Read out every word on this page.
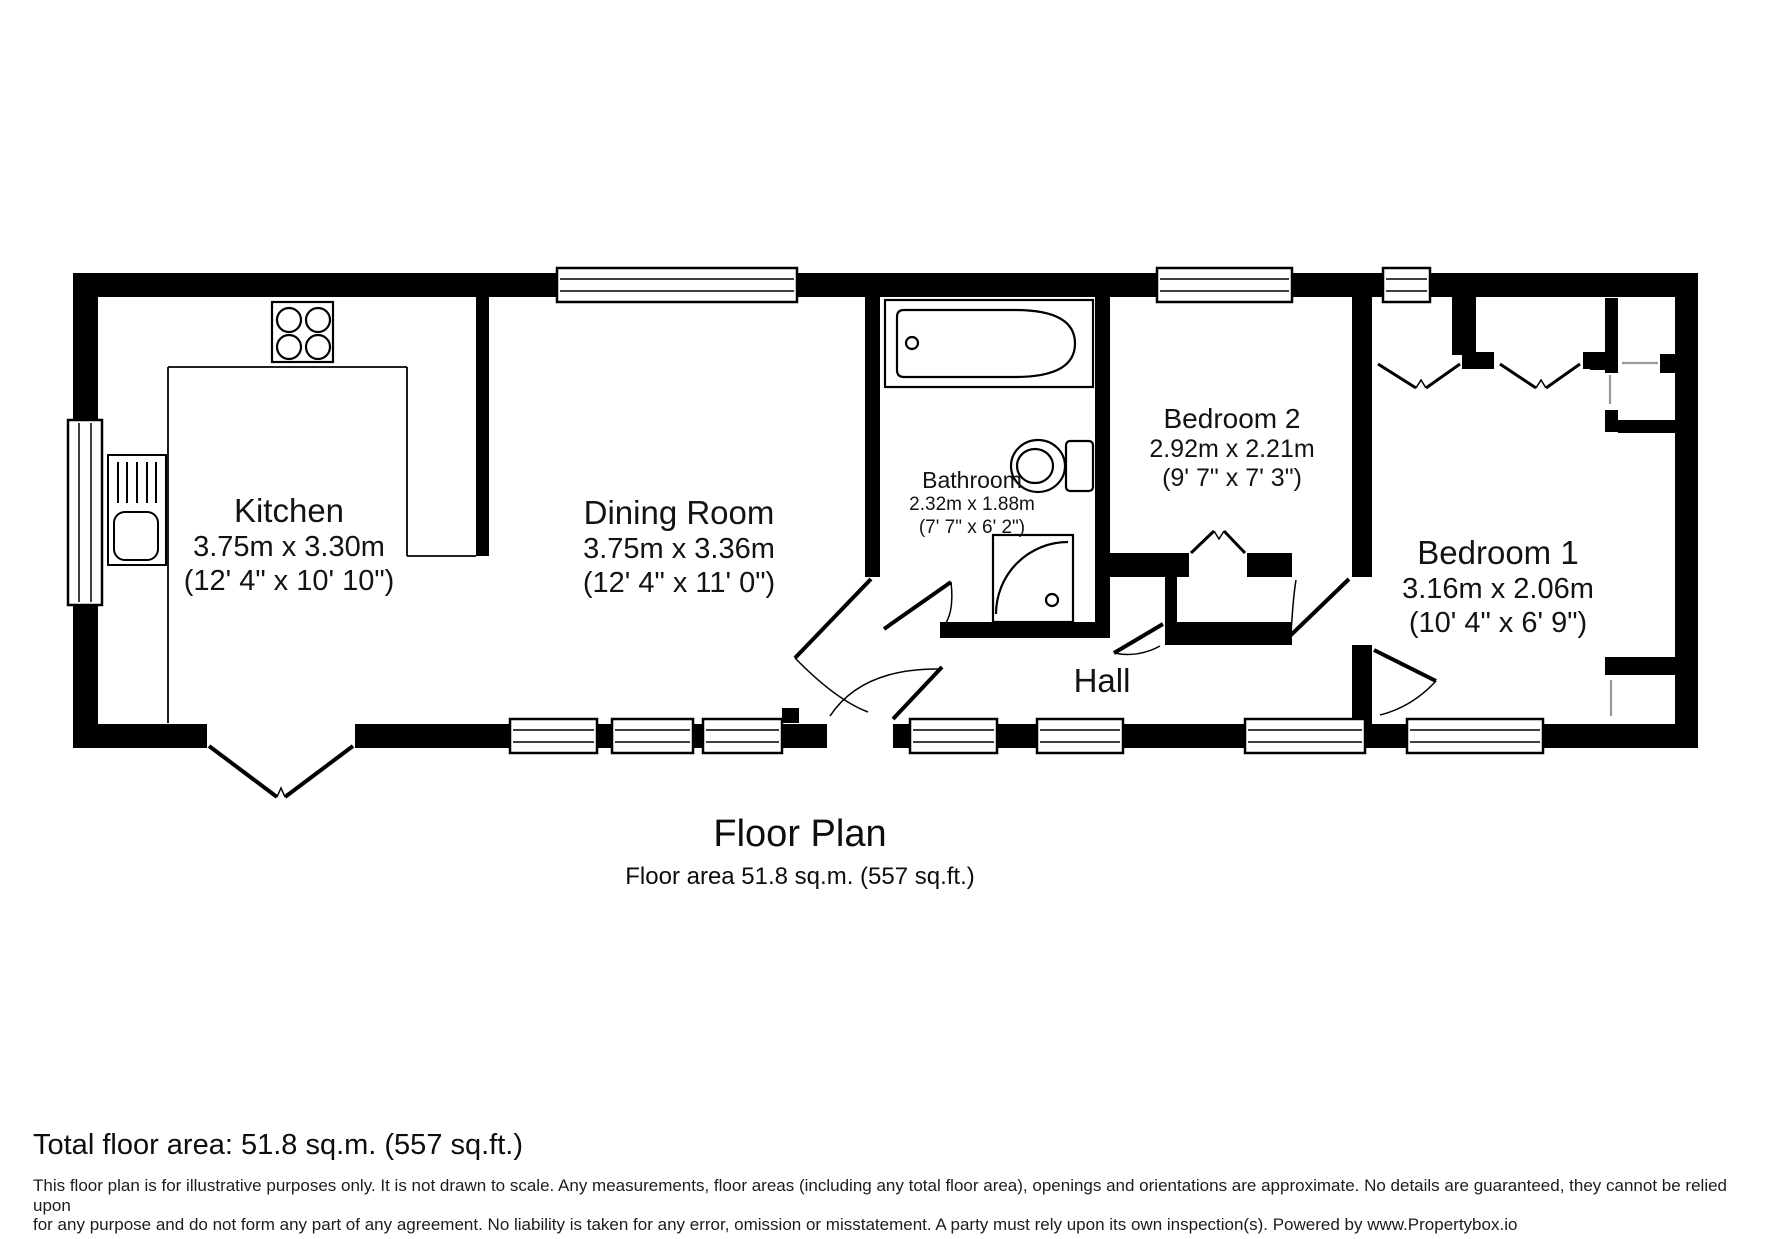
Kitchen
3.75m x 3.30m
(12' 4" x 10' 10")
Dining Room
3.75m x 3.36m
(12' 4" x 11' 0")
Bathroom
2.32m x 1.88m
(7' 7" x 6' 2")
Bedroom 2
2.92m x 2.21m
(9' 7" x 7' 3")
Bedroom 1
3.16m x 2.06m
(10' 4" x 6' 9")
Hall
Floor Plan
Floor area 51.8 sq.m. (557 sq.ft.)
Total floor area: 51.8 sq.m. (557 sq.ft.)
This floor plan is for illustrative purposes only. It is not drawn to scale. Any measurements, floor areas (including any total floor area), openings and orientations are approximate. No details are guaranteed, they cannot be relied upon
for any purpose and do not form any part of any agreement. No liability is taken for any error, omission or misstatement. A party must rely upon its own inspection(s). Powered by www.Propertybox.io
